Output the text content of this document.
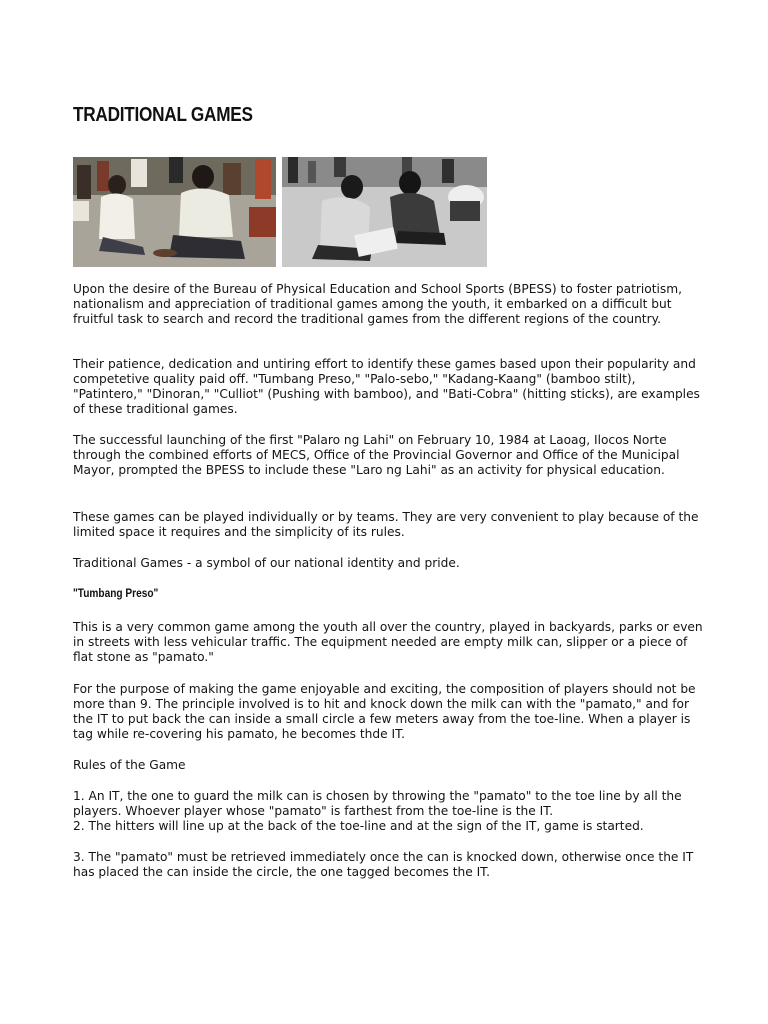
TRADITIONAL GAMES

Upon the desire of the Bureau of Physical Education and School Sports (BPESS) to foster patriotism, nationalism and appreciation of traditional games among the youth, it embarked on a difficult but fruitful task to search and record the traditional games from the different regions of the country.

Their patience, dedication and untiring effort to identify these games based upon their popularity and competetive quality paid off. "Tumbang Preso," "Palo-sebo," "Kadang-Kaang" (bamboo stilt), "Patintero," "Dinoran," "Culliot" (Pushing with bamboo), and "Bati-Cobra" (hitting sticks), are examples of these traditional games.

The successful launching of the first "Palaro ng Lahi" on February 10, 1984 at Laoag, Ilocos Norte through the combined efforts of MECS, Office of the Provincial Governor and Office of the Municipal Mayor, prompted the BPESS to include these "Laro ng Lahi" as an activity for physical education.

These games can be played individually or by teams. They are very convenient to play because of the limited space it requires and the simplicity of its rules.

Traditional Games - a symbol of our national identity and pride.

"Tumbang Preso"

This is a very common game among the youth all over the country, played in backyards, parks or even in streets with less vehicular traffic. The equipment needed are empty milk can, slipper or a piece of flat stone as "pamato."

For the purpose of making the game enjoyable and exciting, the composition of players should not be more than 9. The principle involved is to hit and knock down the milk can with the "pamato," and for the IT to put back the can inside a small circle a few meters away from the toe-line. When a player is tag while re-covering his pamato, he becomes thde IT.

Rules of the Game

1. An IT, the one to guard the milk can is chosen by throwing the "pamato" to the toe line by all the players. Whoever player whose "pamato" is farthest from the toe-line is the IT.
2. The hitters will line up at the back of the toe-line and at the sign of the IT, game is started.

3. The "pamato" must be retrieved immediately once the can is knocked down, otherwise once the IT has placed the can inside the circle, the one tagged becomes the IT.
